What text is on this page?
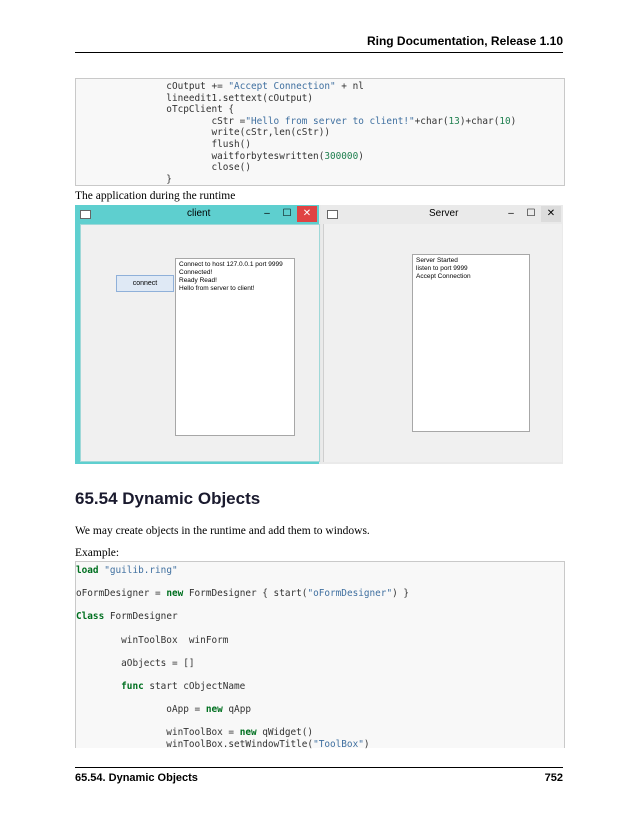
Ring Documentation, Release 1.10
cOutput += "Accept Connection" + nl
lineedit1.settext(cOutput)
oTcpClient {
cStr ="Hello from server to client!"+char(13)+char(10)
write(cStr,len(cStr))
flush()
waitforbyteswritten(300000)
close()
}
The application during the runtime
client	–	☐	✕
connect
Connect to host 127.0.0.1 port 9999
Connected!
Ready Read!
Hello from server to client!
Server	–	☐	✕
Server Started
listen to port 9999
Accept Connection
65.54 Dynamic Objects
We may create objects in the runtime and add them to windows.
Example:
load "guilib.ring"
oFormDesigner = new FormDesigner { start("oFormDesigner") }
Class FormDesigner
winToolBox  winForm
aObjects = []
func start cObjectName
oApp = new qApp
winToolBox = new qWidget()
winToolBox.setWindowTitle("ToolBox")
65.54. Dynamic Objects	752
